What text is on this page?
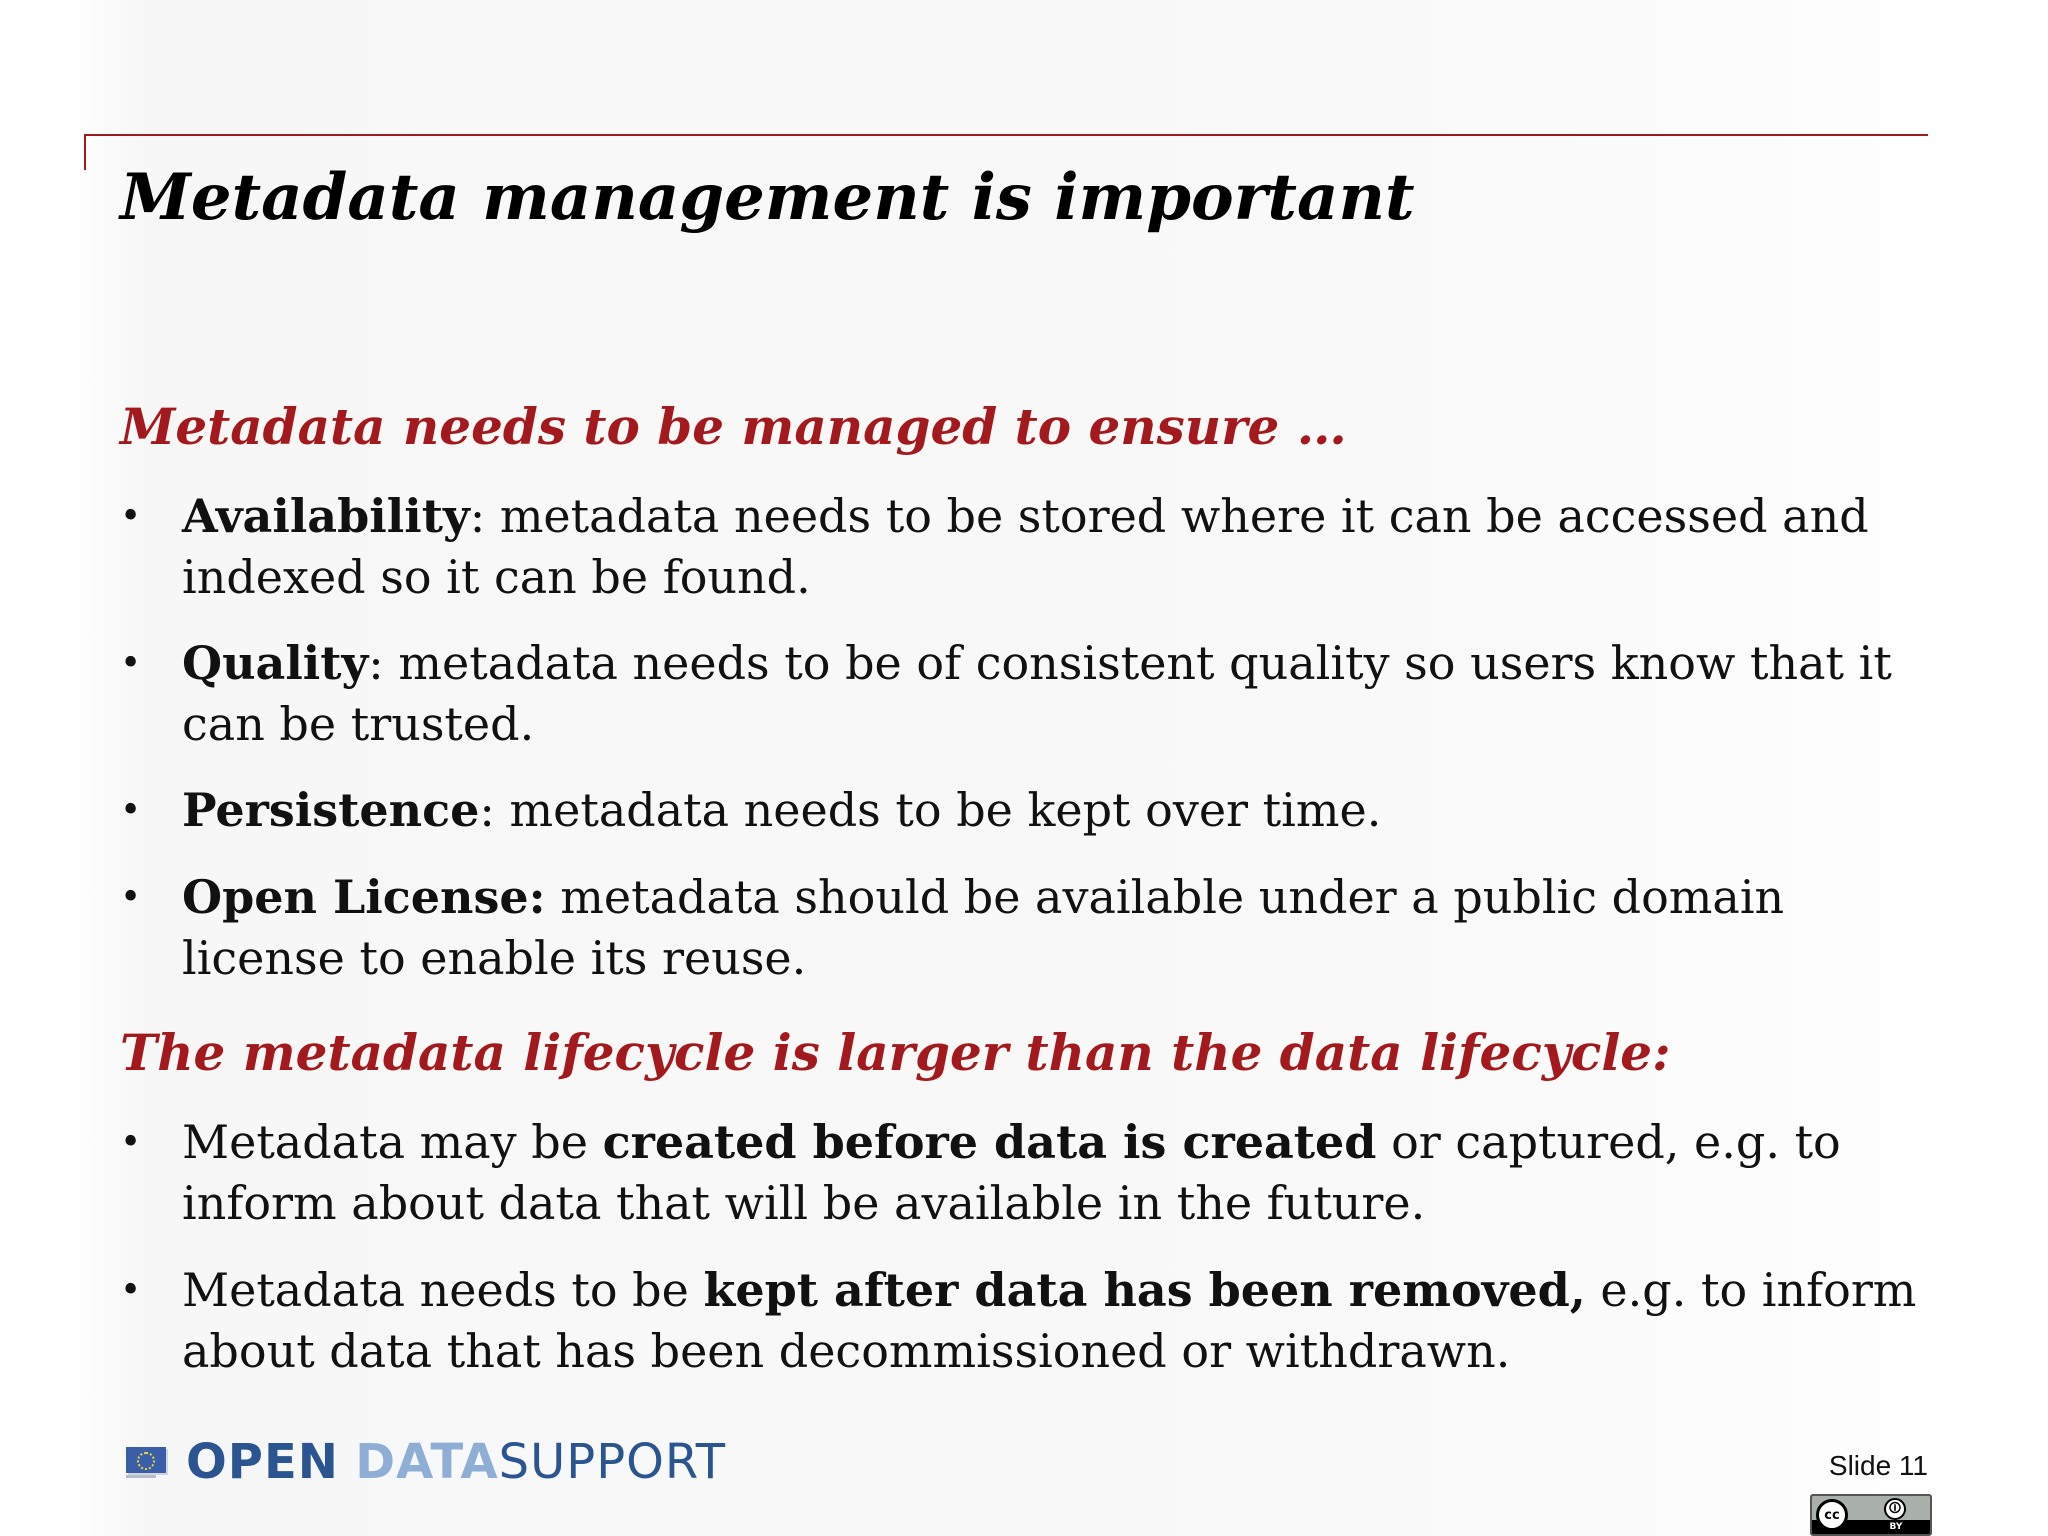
Metadata management is important
Metadata needs to be managed to ensure …
• Availability: metadata needs to be stored where it can be accessed and indexed so it can be found.
• Quality: metadata needs to be of consistent quality so users know that it can be trusted.
• Persistence: metadata needs to be kept over time.
• Open License: metadata should be available under a public domain license to enable its reuse.
The metadata lifecycle is larger than the data lifecycle:
• Metadata may be created before data is created or captured, e.g. to inform about data that will be available in the future.
• Metadata needs to be kept after data has been removed, e.g. to inform about data that has been decommissioned or withdrawn.
OPEN DATASUPPORT	Slide 11
cc	🛈
BY
